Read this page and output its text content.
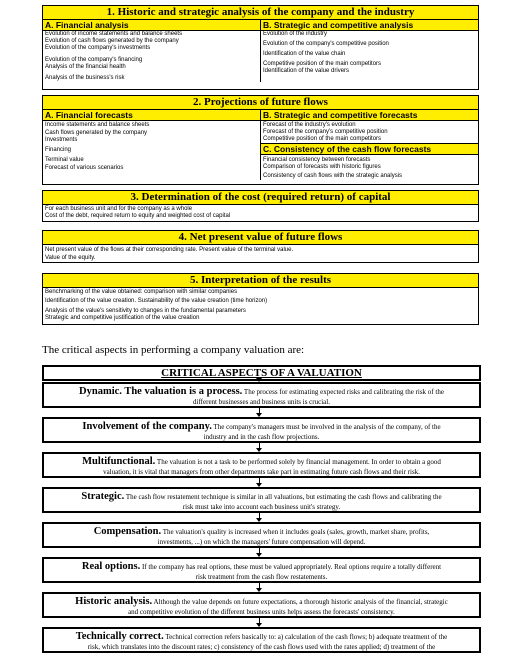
1. Historic and strategic analysis of the company and the industry
A. Financial analysis
Evolution of income statements and balance sheets
Evolution of cash flows generated by the company
Evolution of the company's investments
Evolution of the company's financing
Analysis of the financial health
Analysis of the business's risk
B. Strategic and competitive analysis
Evolution of the industry
Evolution of the company's competitive position
Identification of the value chain
Competitive position of the main competitors
Identification of the value drivers
2. Projections of future flows
A. Financial forecasts
Income statements and balance sheets
Cash flows generated by the company
Investments
Financing
Terminal value
Forecast of various scenarios
B. Strategic and competitive forecasts
Forecast of the industry's evolution
Forecast of the company's competitive position
Competitive position of the main competitors
C. Consistency of the cash flow forecasts
Financial consistency between forecasts
Comparison of forecasts with historic figures
Consistency of cash flows with the strategic analysis
3. Determination of the cost (required return) of capital
For each business unit and for the company as a whole
Cost of the debt, required return to equity and weighted cost of capital
4. Net present value of future flows
Net present value of the flows at their corresponding rate. Present value of the terminal value.
Value of the equity.
5. Interpretation of the results
Benchmarking of the value obtained: comparison with similar companies
Identification of the value creation. Sustainability of the value creation (time horizon)
Analysis of the value's sensitivity to changes in the fundamental parameters
Strategic and competitive justification of the value creation
The critical aspects in performing a company valuation are:
CRITICAL ASPECTS OF A VALUATION
Dynamic. The valuation is a process. The process for estimating expected risks and calibrating the risk of the
different businesses and business units is crucial.
Involvement of the company. The company's managers must be involved in the analysis of the company, of the
industry and in the cash flow projections.
Multifunctional. The valuation is not a task to be performed solely by financial management. In order to obtain a good
valuation, it is vital that managers from other departments take part in estimating future cash flows and their risk.
Strategic. The cash flow restatement technique is similar in all valuations, but estimating the cash flows and calibrating the
risk must take into account each business unit's strategy.
Compensation. The valuation's quality is increased when it includes goals (sales, growth, market share, profits,
investments, ...) on which the managers' future compensation will depend.
Real options. If the company has real options, these must be valued appropriately. Real options require a totally different
risk treatment from the cash flow restatements.
Historic analysis. Although the value depends on future expectations, a thorough historic analysis of the financial, strategic
and competitive evolution of the different business units helps assess the forecasts' consistency.
Technically correct. Technical correction refers basically to: a) calculation of the cash flows; b) adequate treatment of the
risk, which translates into the discount rates; c) consistency of the cash flows used with the rates applied; d) treatment of the
